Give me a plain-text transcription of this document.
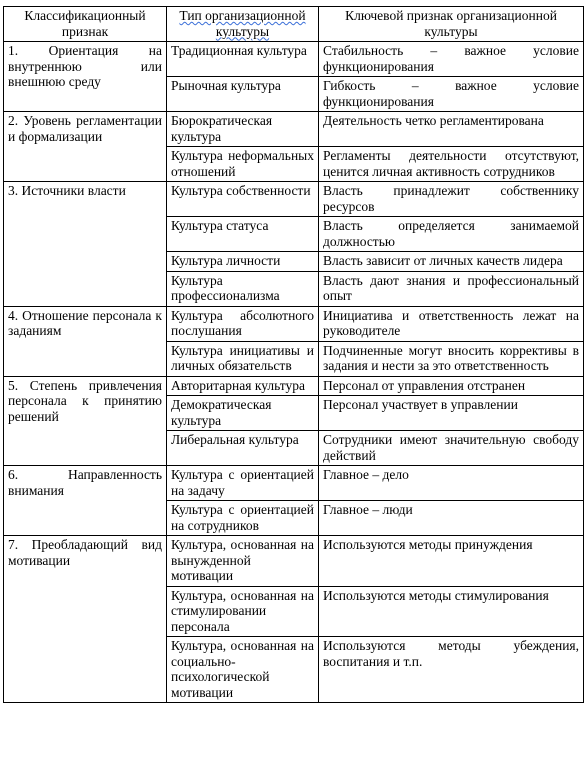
Классификационный признак	Тип организационной культуры	Ключевой признак организационной культуры
1. Ориентация на внутреннюю или внешнюю среду	Традиционная культура	Стабильность – важное условие функционирования
	Рыночная культура	Гибкость – важное условие функционирования
2. Уровень регламентации и формализации	Бюрократическая культура	Деятельность четко регламентирована
	Культура неформальных отношений	Регламенты деятельности отсутствуют, ценится личная активность сотрудников
3. Источники власти	Культура собственности	Власть принадлежит собственнику ресурсов
	Культура статуса	Власть определяется занимаемой должностью
	Культура личности	Власть зависит от личных качеств лидера
	Культура профессионализма	Власть дают знания и профессиональный опыт
4. Отношение персонала к заданиям	Культура абсолютного послушания	Инициатива и ответственность лежат на руководителе
	Культура инициативы и личных обязательств	Подчиненные могут вносить коррективы в задания и нести за это ответственность
5. Степень привлечения персонала к принятию решений	Авторитарная культура	Персонал от управления отстранен
	Демократическая культура	Персонал участвует в управлении
	Либеральная культура	Сотрудники имеют значительную свободу действий
6. Направленность внимания	Культура с ориентацией на задачу	Главное – дело
	Культура с ориентацией на сотрудников	Главное – люди
7. Преобладающий вид мотивации	Культура, основанная на вынужденной мотивации	Используются методы принуждения
	Культура, основанная на стимулировании персонала	Используются методы стимулирования
	Культура, основанная на социально-психологической мотивации	Используются методы убеждения, воспитания и т.п.
